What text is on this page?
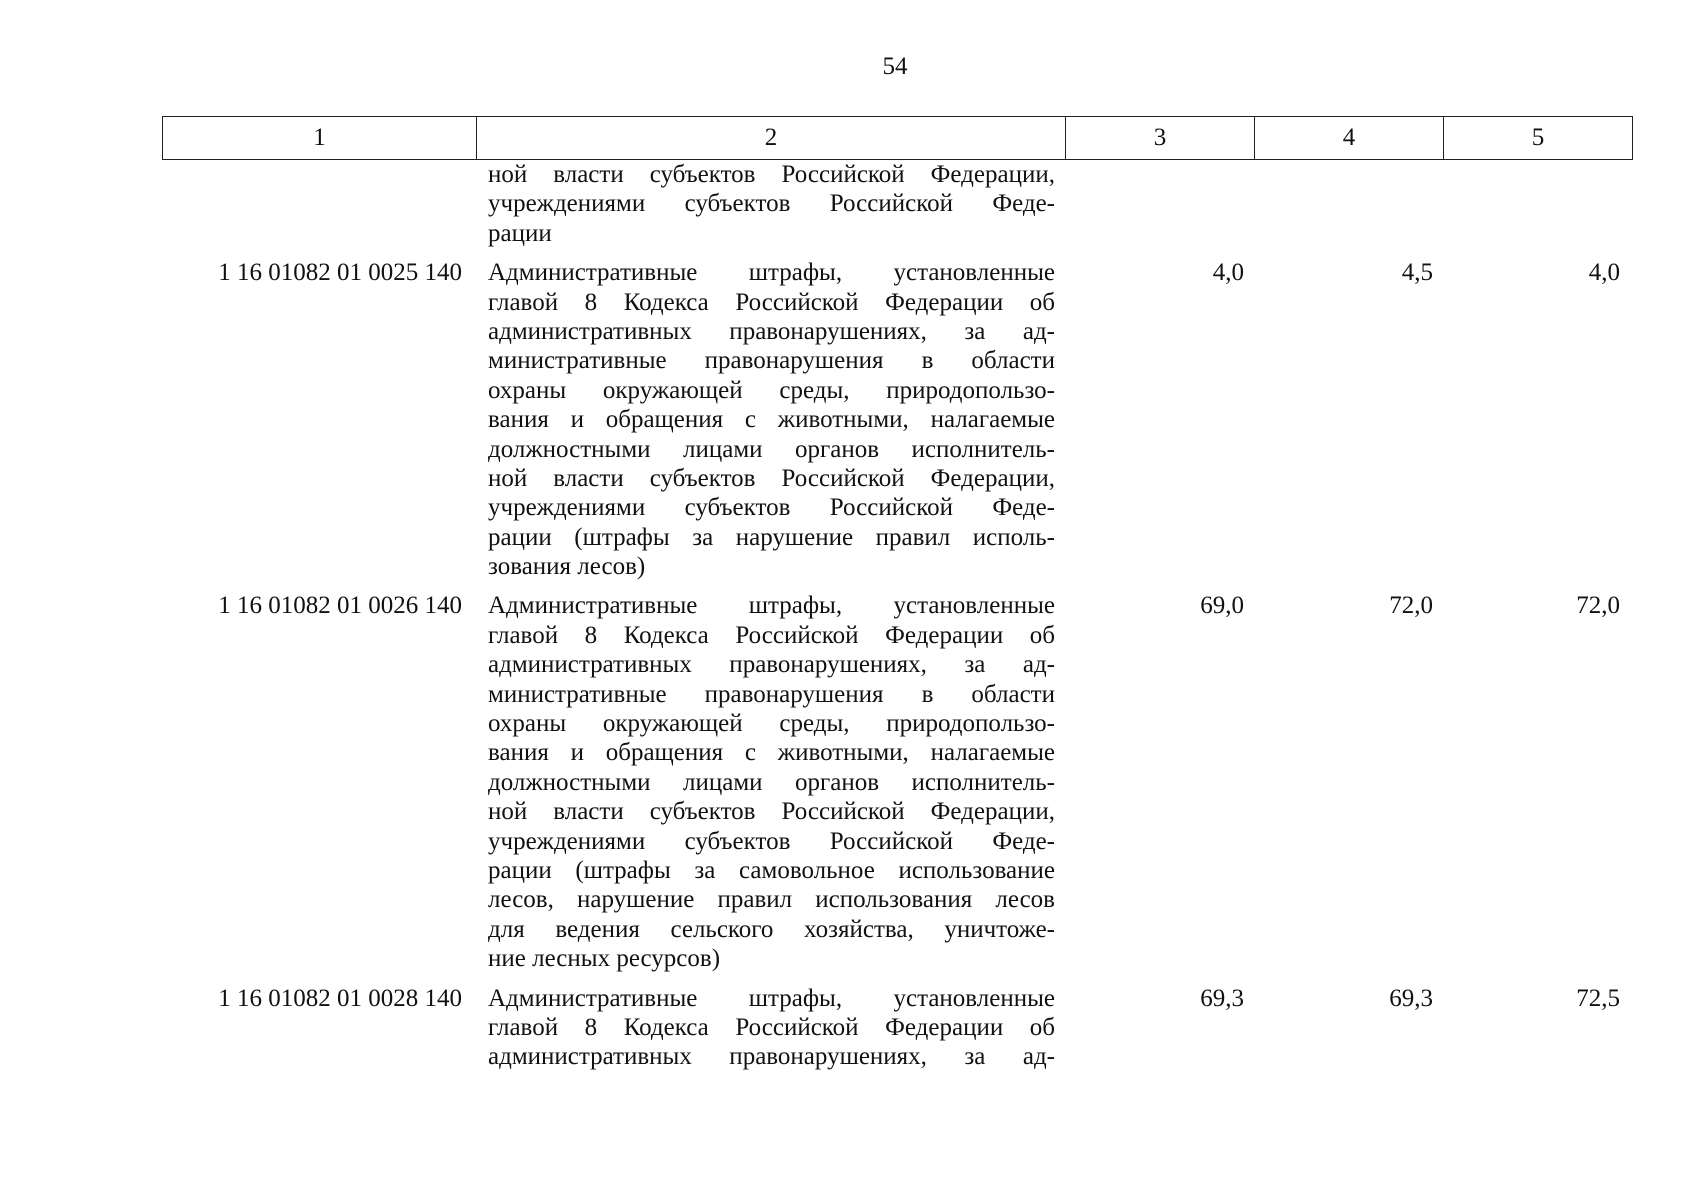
54
1	2	3	4	5
ной власти субъектов Российской Федерации,
учреждениями субъектов Российской Феде-
рации
1 16 01082 01 0025 140	Административные штрафы, установленные
главой 8 Кодекса Российской Федерации об
административных правонарушениях, за ад-
министративные правонарушения в области
охраны окружающей среды, природопользо-
вания и обращения с животными, налагаемые
должностными лицами органов исполнитель-
ной власти субъектов Российской Федерации,
учреждениями субъектов Российской Феде-
рации (штрафы за нарушение правил исполь-
зования лесов)
4,0	4,5	4,0
1 16 01082 01 0026 140	Административные штрафы, установленные
главой 8 Кодекса Российской Федерации об
административных правонарушениях, за ад-
министративные правонарушения в области
охраны окружающей среды, природопользо-
вания и обращения с животными, налагаемые
должностными лицами органов исполнитель-
ной власти субъектов Российской Федерации,
учреждениями субъектов Российской Феде-
рации (штрафы за самовольное использование
лесов, нарушение правил использования лесов
для ведения сельского хозяйства, уничтоже-
ние лесных ресурсов)
69,0	72,0	72,0
1 16 01082 01 0028 140	Административные штрафы, установленные
главой 8 Кодекса Российской Федерации об
административных правонарушениях, за ад-
69,3	69,3	72,5
